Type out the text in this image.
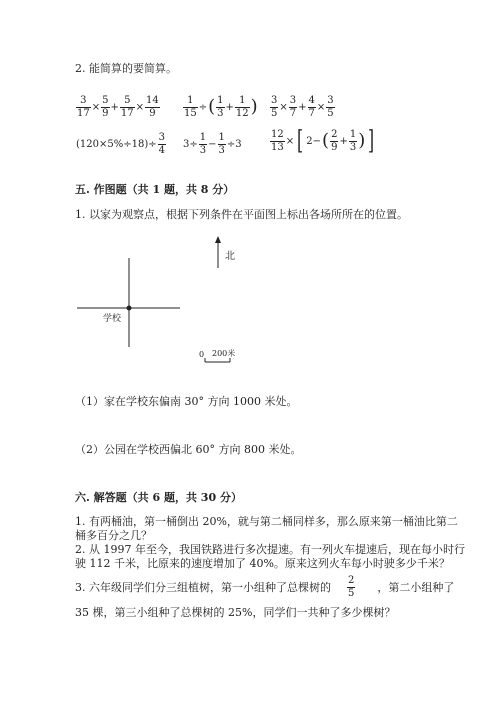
2. 能简算的要简算。
$\frac{3}{17} \times \frac{5}{9} + \frac{5}{17} \times \frac{14}{9} \frac{1}{15}$ ÷ ( $\frac{1}{3} + \frac{1}{12}$ ) $\frac{3}{5} \times \frac{3}{7} + \frac{4}{7} \times \frac{3}{5}$
$(120\times 5\%\div 18)\div \frac{3}{4} 3\div \frac{1}{3} - \frac{1}{3} \div 3$	$\frac{12}{13}$ × [ 2− ( $\frac{2}{9} + \frac{1}{3}$ ) ]
五. 作图题（共 1 题，共 8 分）
1. 以家为观察点，根据下列条件在平面图上标出各场所所在的位置。
北
学校
0 200米
（1）家在学校东偏南 30° 方向 1000 米处。
（2）公园在学校西偏北 60° 方向 800 米处。
六. 解答题（共 6 题，共 30 分）
1. 有两桶油，第一桶倒出 20%，就与第二桶同样多，那么原来第一桶油比第二
桶多百分之几？
2. 从 1997 年至今，我国铁路进行多次提速。有一列火车提速后，现在每小时行
驶 112 千米，比原来的速度增加了 40%。原来这列火车每小时驶多少千米？
3. 六年级同学们分三组植树，第一小组种了总棵树的 $\frac{2}{5}$ ，第二小组种了
35 棵，第三小组种了总棵树的 25%，同学们一共种了多少棵树？
